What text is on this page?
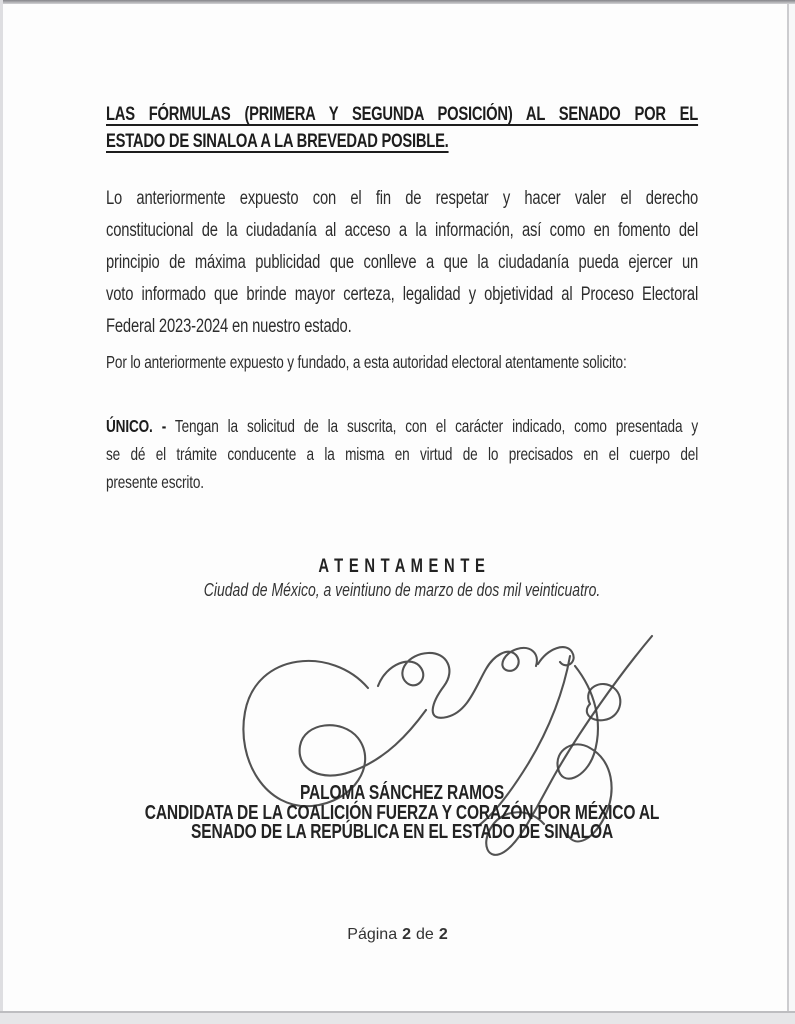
LAS FÓRMULAS (PRIMERA Y SEGUNDA POSICIÓN) AL SENADO POR EL
ESTADO DE SINALOA A LA BREVEDAD POSIBLE.
Lo anteriormente expuesto con el fin de respetar y hacer valer el derecho
constitucional de la ciudadanía al acceso a la información, así como en fomento del
principio de máxima publicidad que conlleve a que la ciudadanía pueda ejercer un
voto informado que brinde mayor certeza, legalidad y objetividad al Proceso Electoral
Federal 2023-2024 en nuestro estado.
Por lo anteriormente expuesto y fundado, a esta autoridad electoral atentamente solicito:
ÚNICO. - Tengan la solicitud de la suscrita, con el carácter indicado, como presentada y
se dé el trámite conducente a la misma en virtud de lo precisados en el cuerpo del
presente escrito.
A T E N T A M E N T E
Ciudad de México, a veintiuno de marzo de dos mil veinticuatro.
PALOMA SÁNCHEZ RAMOS
CANDIDATA DE LA COALICIÓN FUERZA Y CORAZÓN POR MÉXICO AL
SENADO DE LA REPÚBLICA EN EL ESTADO DE SINALOA
Página 2 de 2
